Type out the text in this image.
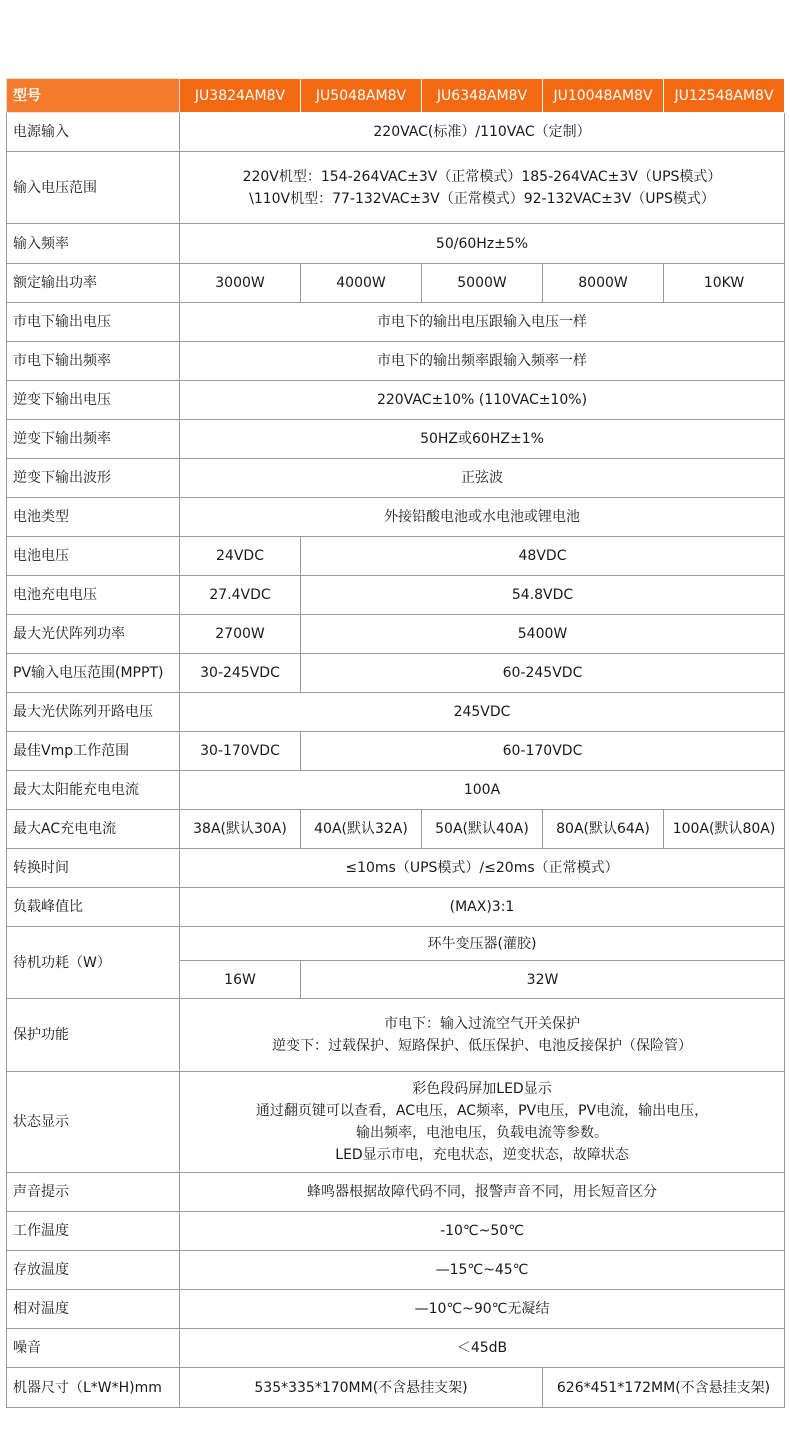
型号	JU3824AM8V	JU5048AM8V	JU6348AM8V	JU10048AM8V	JU12548AM8V
电源输入	220VAC(标准）/110VAC（定制）				
输入电压范围	220V机型：154-264VAC±3V（正常模式）185-264VAC±3V（UPS模式）
\110V机型：77-132VAC±3V（正常模式）92-132VAC±3V（UPS模式）				

输入频率	50/60Hz±5%				
额定输出功率	3000W	4000W	5000W	8000W	10KW
市电下输出电压	市电下的输出电压跟输入电压一样				
市电下输出频率	市电下的输出频率跟输入频率一样				
逆变下输出电压	220VAC±10% (110VAC±10%)				
逆变下输出频率	50HZ或60HZ±1%				
逆变下输出波形	正弦波				
电池类型	外接铅酸电池或水电池或锂电池				
电池电压	24VDC	48VDC			
电池充电电压	27.4VDC	54.8VDC			
最大光伏阵列功率	2700W	5400W			
PV输入电压范围(MPPT)	30-245VDC	60-245VDC			
最大光伏陈列开路电压	245VDC				
最佳Vmp工作范围	30-170VDC	60-170VDC			
最大太阳能充电电流	100A				
最大AC充电电流	38A(默认30A)	40A(默认32A)	50A(默认40A)	80A(默认64A)	100A(默认80A)
转换时间	≤10ms（UPS模式）/≤20ms（正常模式）				
负载峰值比	(MAX)3:1				
待机功耗（W）	环牛变压器(灌胶)				
	16W	32W			
保护功能	市电下：输入过流空气开关保护
逆变下：过载保护、短路保护、低压保护、电池反接保护（保险管）				

状态显示	彩色段码屏加LED显示
通过翻页键可以查看，AC电压，AC频率，PV电压，PV电流，输出电压，
输出频率，电池电压，负载电流等参数。
LED显示市电，充电状态，逆变状态，故障状态				

声音提示	蜂鸣器根据故障代码不同，报警声音不同，用长短音区分				
工作温度	-10℃~50℃				
存放温度	—15℃~45℃				
相对温度	—10℃~90℃无凝结				
噪音	＜45dB				
机器尺寸（L*W*H)mm	535*335*170MM(不含悬挂支架)			626*451*172MM(不含悬挂支架)	
